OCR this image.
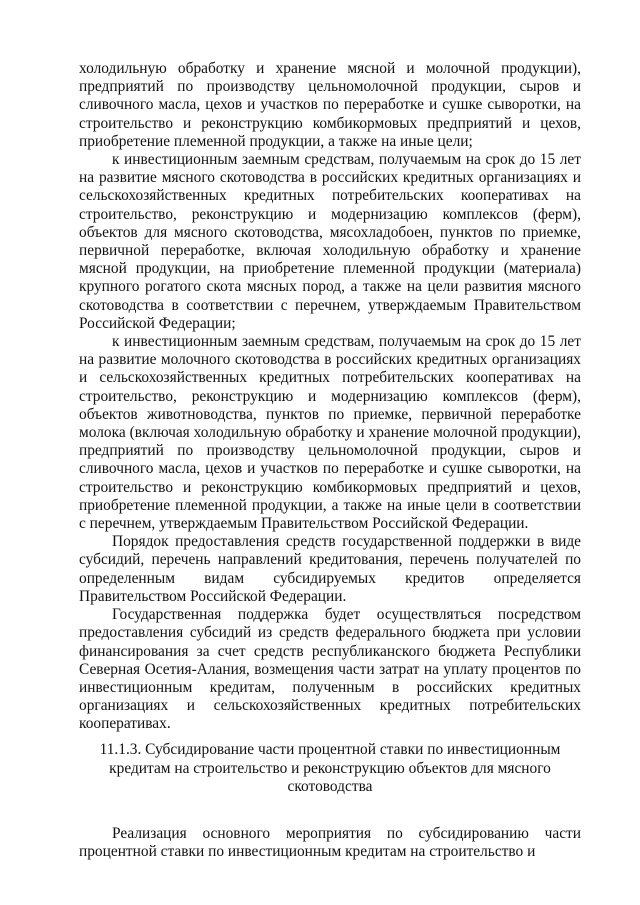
холодильную обработку и хранение мясной и молочной продукции), предприятий по производству цельномолочной продукции, сыров и сливочного масла, цехов и участков по переработке и сушке сыворотки, на строительство и реконструкцию комбикормовых предприятий и цехов, приобретение племенной продукции, а также на иные цели;

к инвестиционным заемным средствам, получаемым на срок до 15 лет на развитие мясного скотоводства в российских кредитных организациях и сельскохозяйственных кредитных потребительских кооперативах на строительство, реконструкцию и модернизацию комплексов (ферм), объектов для мясного скотоводства, мясохладобоен, пунктов по приемке, первичной переработке, включая холодильную обработку и хранение мясной продукции, на приобретение племенной продукции (материала) крупного рогатого скота мясных пород, а также на цели развития мясного скотоводства в соответствии с перечнем, утверждаемым Правительством Российской Федерации;

к инвестиционным заемным средствам, получаемым на срок до 15 лет на развитие молочного скотоводства в российских кредитных организациях и сельскохозяйственных кредитных потребительских кооперативах на строительство, реконструкцию и модернизацию комплексов (ферм), объектов животноводства, пунктов по приемке, первичной переработке молока (включая холодильную обработку и хранение молочной продукции), предприятий по производству цельномолочной продукции, сыров и сливочного масла, цехов и участков по переработке и сушке сыворотки, на строительство и реконструкцию комбикормовых предприятий и цехов, приобретение племенной продукции, а также на иные цели в соответствии с перечнем, утверждаемым Правительством Российской Федерации.

Порядок предоставления средств государственной поддержки в виде субсидий, перечень направлений кредитования, перечень получателей по определенным видам субсидируемых кредитов определяется Правительством Российской Федерации.

Государственная поддержка будет осуществляться посредством предоставления субсидий из средств федерального бюджета при условии финансирования за счет средств республиканского бюджета Республики Северная Осетия-Алания, возмещения части затрат на уплату процентов по инвестиционным кредитам, полученным в российских кредитных организациях и сельскохозяйственных кредитных потребительских кооперативах.

11.1.3. Субсидирование части процентной ставки по инвестиционным кредитам на строительство и реконструкцию объектов для мясного скотоводства

Реализация основного мероприятия по субсидированию части процентной ставки по инвестиционным кредитам на строительство и
